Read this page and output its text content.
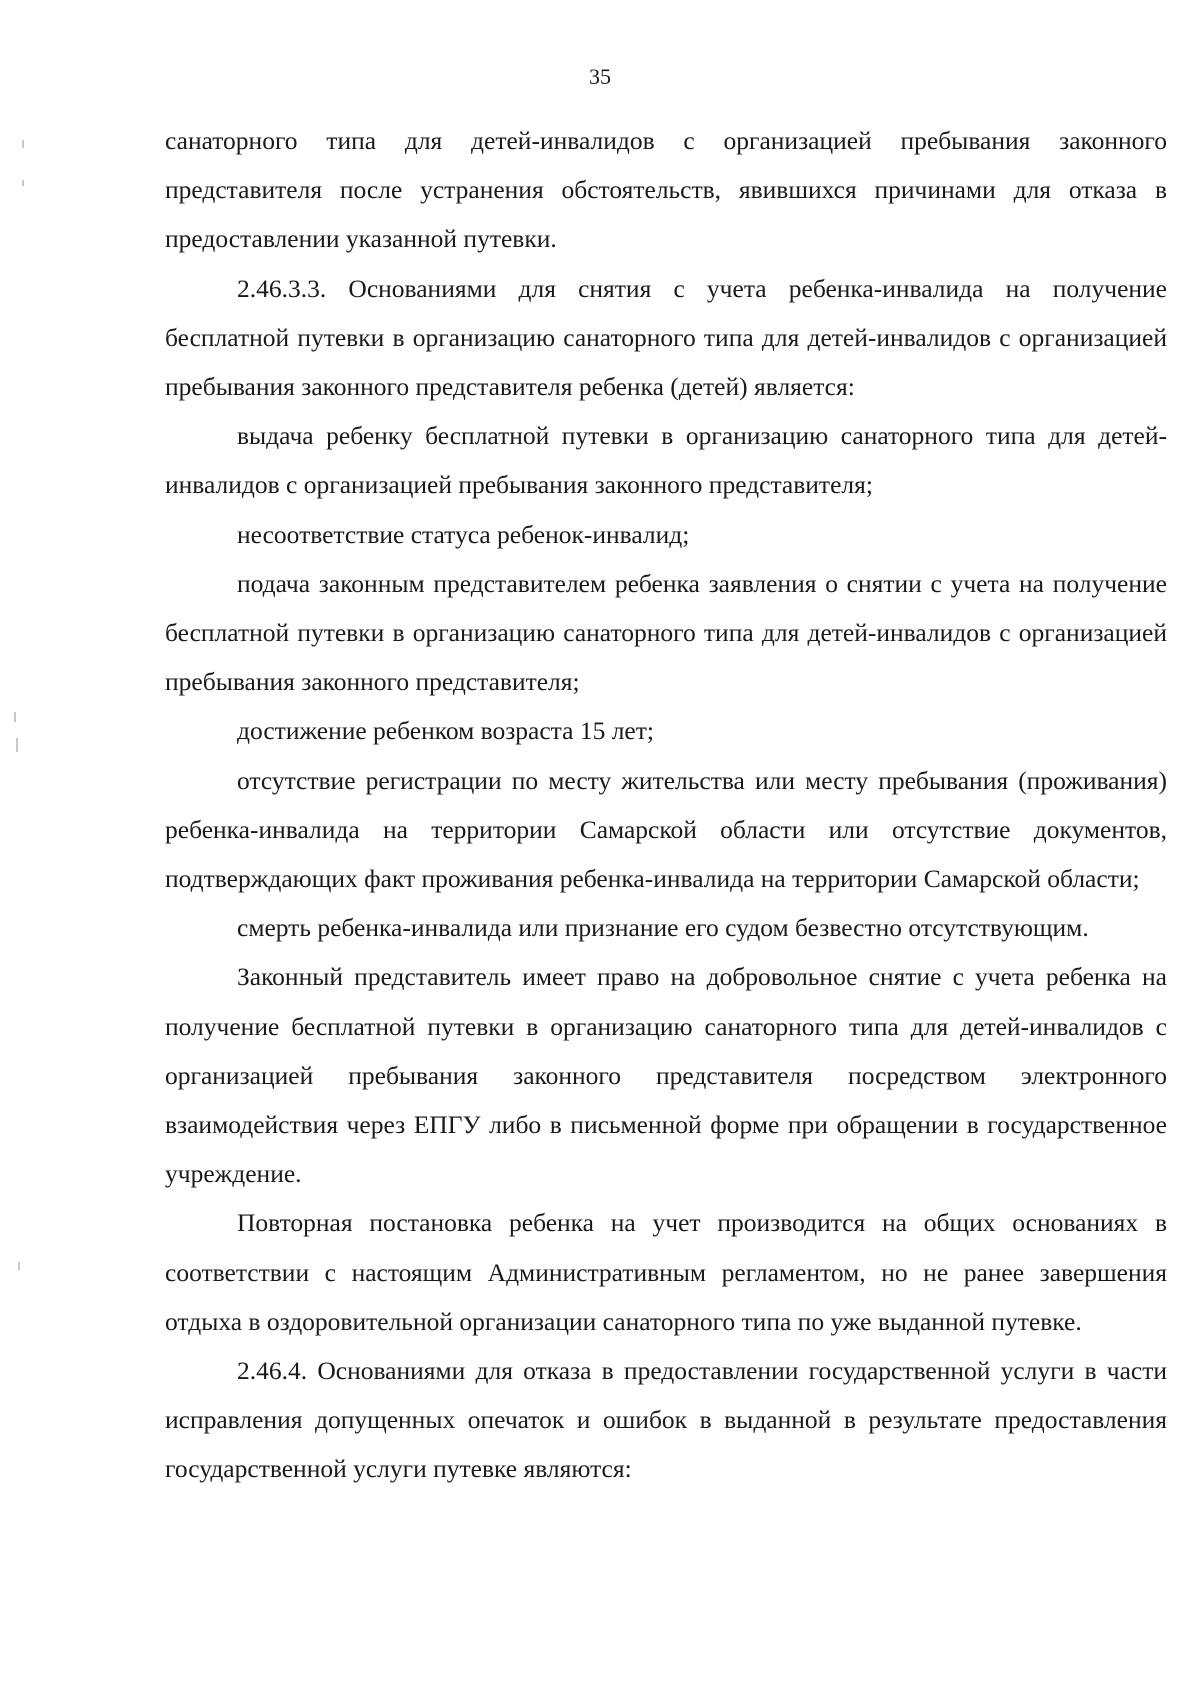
35

санаторного типа для детей-инвалидов с организацией пребывания законного представителя после устранения обстоятельств, явившихся причинами для отказа в предоставлении указанной путевки.

2.46.3.3. Основаниями для снятия с учета ребенка-инвалида на получение бесплатной путевки в организацию санаторного типа для детей-инвалидов с организацией пребывания законного представителя ребенка (детей) является:

выдача ребенку бесплатной путевки в организацию санаторного типа для детей-инвалидов с организацией пребывания законного представителя;

несоответствие статуса ребенок-инвалид;

подача законным представителем ребенка заявления о снятии с учета на получение бесплатной путевки в организацию санаторного типа для детей-инвалидов с организацией пребывания законного представителя;

достижение ребенком возраста 15 лет;

отсутствие регистрации по месту жительства или месту пребывания (проживания) ребенка-инвалида на территории Самарской области или отсутствие документов, подтверждающих факт проживания ребенка-инвалида на территории Самарской области;

смерть ребенка-инвалида или признание его судом безвестно отсутствующим.

Законный представитель имеет право на добровольное снятие с учета ребенка на получение бесплатной путевки в организацию санаторного типа для детей-инвалидов с организацией пребывания законного представителя посредством электронного взаимодействия через ЕПГУ либо в письменной форме при обращении в государственное учреждение.

Повторная постановка ребенка на учет производится на общих основаниях в соответствии с настоящим Административным регламентом, но не ранее завершения отдыха в оздоровительной организации санаторного типа по уже выданной путевке.

2.46.4. Основаниями для отказа в предоставлении государственной услуги в части исправления допущенных опечаток и ошибок в выданной в результате предоставления государственной услуги путевке являются:
